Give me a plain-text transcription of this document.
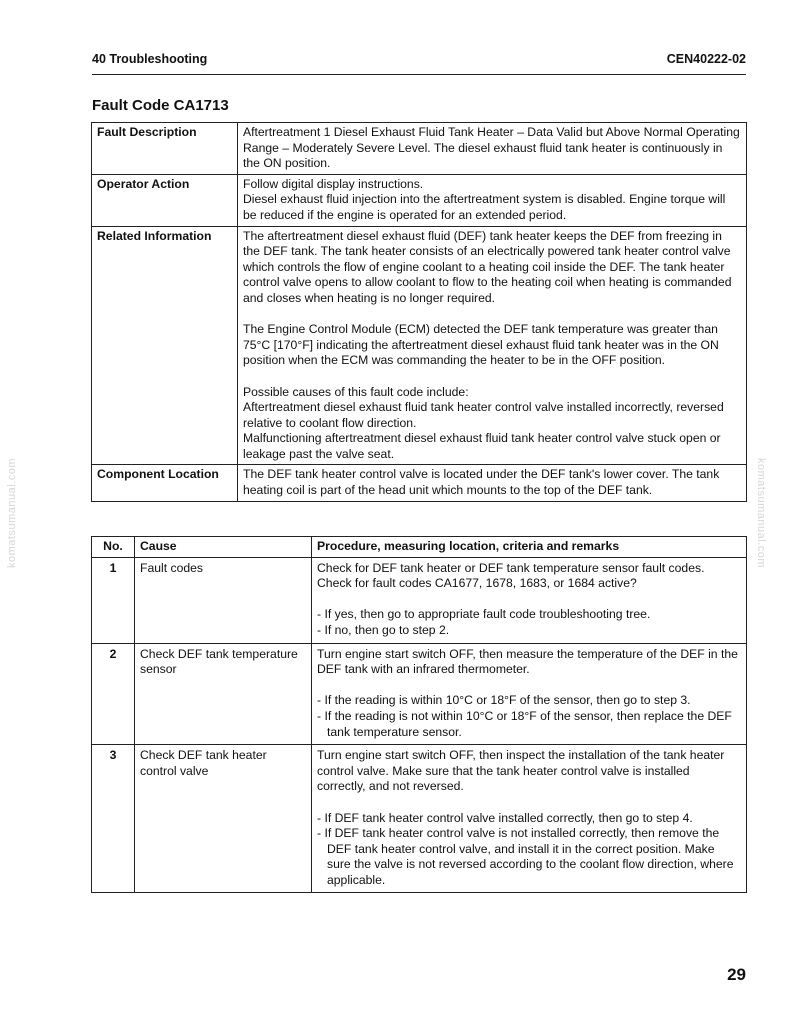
40 Troubleshooting	CEN40222-02
Fault Code CA1713
Fault Description	Aftertreatment 1 Diesel Exhaust Fluid Tank Heater – Data Valid but Above Normal Operating Range – Moderately Severe Level. The diesel exhaust fluid tank heater is continuously in the ON position.

Operator Action	Follow digital display instructions.
Diesel exhaust fluid injection into the aftertreatment system is disabled. Engine torque will be reduced if the engine is operated for an extended period.

Related Information	The aftertreatment diesel exhaust fluid (DEF) tank heater keeps the DEF from freezing in the DEF tank. The tank heater consists of an electrically powered tank heater control valve which controls the flow of engine coolant to a heating coil inside the DEF. The tank heater control valve opens to allow coolant to flow to the heating coil when heating is commanded and closes when heating is no longer required.
The Engine Control Module (ECM) detected the DEF tank temperature was greater than 75°C [170°F] indicating the aftertreatment diesel exhaust fluid tank heater was in the ON position when the ECM was commanding the heater to be in the OFF position.
Possible causes of this fault code include:
Aftertreatment diesel exhaust fluid tank heater control valve installed incorrectly, reversed relative to coolant flow direction.
Malfunctioning aftertreatment diesel exhaust fluid tank heater control valve stuck open or leakage past the valve seat.

Component Location	The DEF tank heater control valve is located under the DEF tank's lower cover. The tank heating coil is part of the head unit which mounts to the top of the DEF tank.
No.	Cause	Procedure, measuring location, criteria and remarks
1	Fault codes	Check for DEF tank heater or DEF tank temperature sensor fault codes. Check for fault codes CA1677, 1678, 1683, or 1684 active?
- If yes, then go to appropriate fault code troubleshooting tree.
- If no, then go to step 2.

2	Check DEF tank temperature sensor	Turn engine start switch OFF, then measure the temperature of the DEF in the DEF tank with an infrared thermometer.
- If the reading is within 10°C or 18°F of the sensor, then go to step 3.
- If the reading is not within 10°C or 18°F of the sensor, then replace the DEF tank temperature sensor.

3	Check DEF tank heater control valve	Turn engine start switch OFF, then inspect the installation of the tank heater control valve. Make sure that the tank heater control valve is installed correctly, and not reversed.
- If DEF tank heater control valve installed correctly, then go to step 4.
- If DEF tank heater control valve is not installed correctly, then remove the DEF tank heater control valve, and install it in the correct position. Make sure the valve is not reversed according to the coolant flow direction, where applicable.
komatsumanual.com	komatsumanual.com
29
